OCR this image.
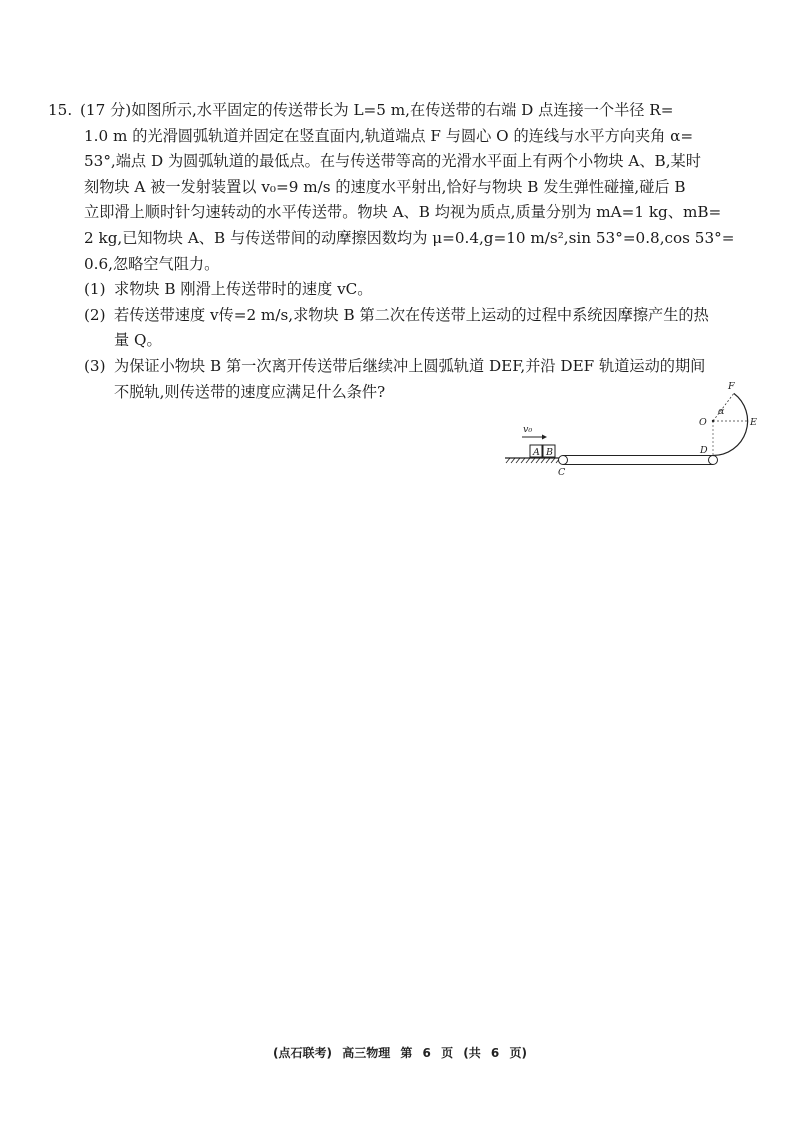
15. (17 分)如图所示,水平固定的传送带长为 L=5 m,在传送带的右端 D 点连接一个半径 R=
1.0 m 的光滑圆弧轨道并固定在竖直面内,轨道端点 F 与圆心 O 的连线与水平方向夹角 α=
53°,端点 D 为圆弧轨道的最低点。在与传送带等高的光滑水平面上有两个小物块 A、B,某时
刻物块 A 被一发射装置以 v₀=9 m/s 的速度水平射出,恰好与物块 B 发生弹性碰撞,碰后 B
立即滑上顺时针匀速转动的水平传送带。物块 A、B 均视为质点,质量分别为 mA=1 kg、mB=
2 kg,已知物块 A、B 与传送带间的动摩擦因数均为 μ=0.4,g=10 m/s²,sin 53°=0.8,cos 53°=
0.6,忽略空气阻力。
(1) 求物块 B 刚滑上传送带时的速度 vC。
(2) 若传送带速度 v传=2 m/s,求物块 B 第二次在传送带上运动的过程中系统因摩擦产生的热
量 Q。
(3) 为保证小物块 B 第一次离开传送带后继续冲上圆弧轨道 DEF,并沿 DEF 轨道运动的期间
不脱轨,则传送带的速度应满足什么条件?
A B
v₀
C
D
O
F
E
α
(点石联考) 高三物理 第 6 页 (共 6 页)
